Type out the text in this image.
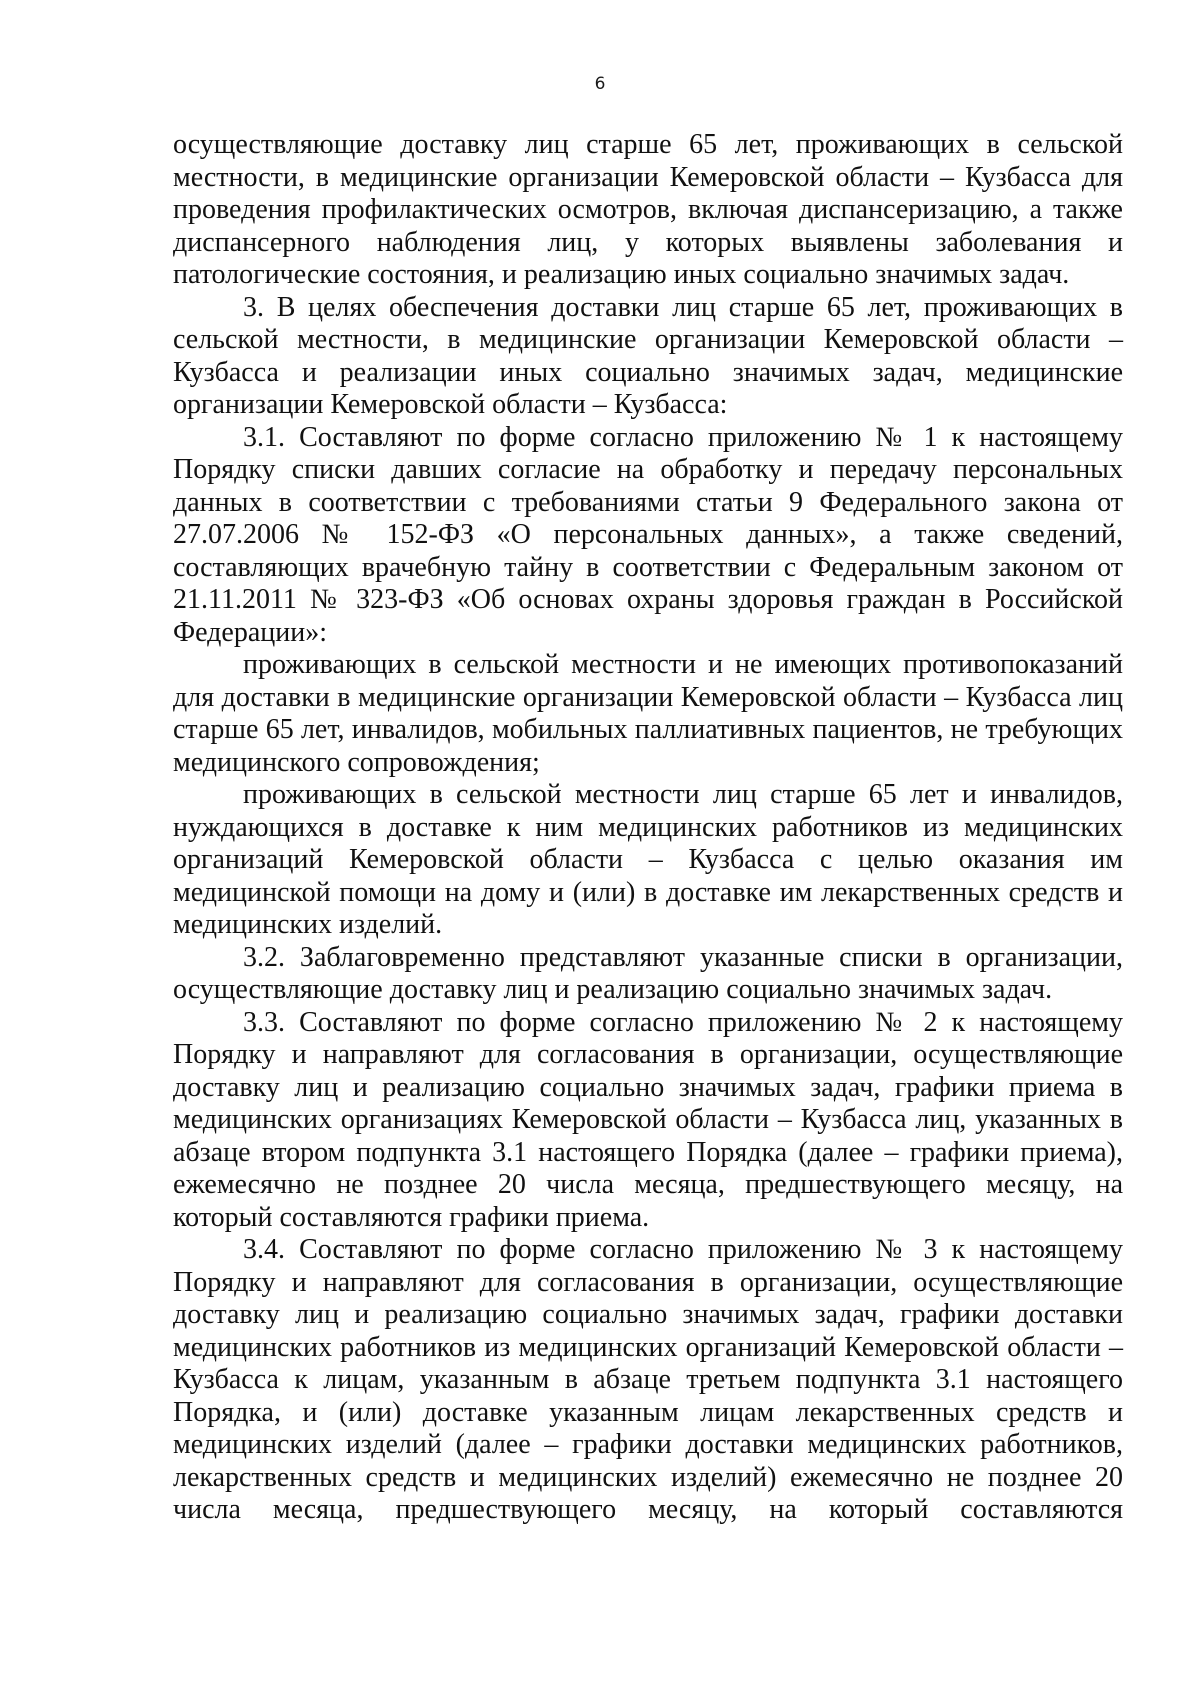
6

осуществляющие доставку лиц старше 65 лет, проживающих в сельской местности, в медицинские организации Кемеровской области – Кузбасса для проведения профилактических осмотров, включая диспансеризацию, а также диспансерного наблюдения лиц, у которых выявлены заболевания и патологические состояния, и реализацию иных социально значимых задач.

3. В целях обеспечения доставки лиц старше 65 лет, проживающих в сельской местности, в медицинские организации Кемеровской области – Кузбасса и реализации иных социально значимых задач, медицинские организации Кемеровской области – Кузбасса:

3.1. Составляют по форме согласно приложению № 1 к настоящему Порядку списки давших согласие на обработку и передачу персональных данных в соответствии с требованиями статьи 9 Федерального закона от 27.07.2006 № 152-ФЗ «О персональных данных», а также сведений, составляющих врачебную тайну в соответствии с Федеральным законом от 21.11.2011 № 323-ФЗ «Об основах охраны здоровья граждан в Российской Федерации»:

проживающих в сельской местности и не имеющих противопоказаний для доставки в медицинские организации Кемеровской области – Кузбасса лиц старше 65 лет, инвалидов, мобильных паллиативных пациентов, не требующих медицинского сопровождения;

проживающих в сельской местности лиц старше 65 лет и инвалидов, нуждающихся в доставке к ним медицинских работников из медицинских организаций Кемеровской области – Кузбасса с целью оказания им медицинской помощи на дому и (или) в доставке им лекарственных средств и медицинских изделий.

3.2. Заблаговременно представляют указанные списки в организации, осуществляющие доставку лиц и реализацию социально значимых задач.

3.3. Составляют по форме согласно приложению № 2 к настоящему Порядку и направляют для согласования в организации, осуществляющие доставку лиц и реализацию социально значимых задач, графики приема в медицинских организациях Кемеровской области – Кузбасса лиц, указанных в абзаце втором подпункта 3.1 настоящего Порядка (далее – графики приема), ежемесячно не позднее 20 числа месяца, предшествующего месяцу, на который составляются графики приема.

3.4. Составляют по форме согласно приложению № 3 к настоящему Порядку и направляют для согласования в организации, осуществляющие доставку лиц и реализацию социально значимых задач, графики доставки медицинских работников из медицинских организаций Кемеровской области – Кузбасса к лицам, указанным в абзаце третьем подпункта 3.1 настоящего Порядка, и (или) доставке указанным лицам лекарственных средств и медицинских изделий (далее – графики доставки медицинских работников, лекарственных средств и медицинских изделий) ежемесячно не позднее 20 числа месяца, предшествующего месяцу, на который составляются
